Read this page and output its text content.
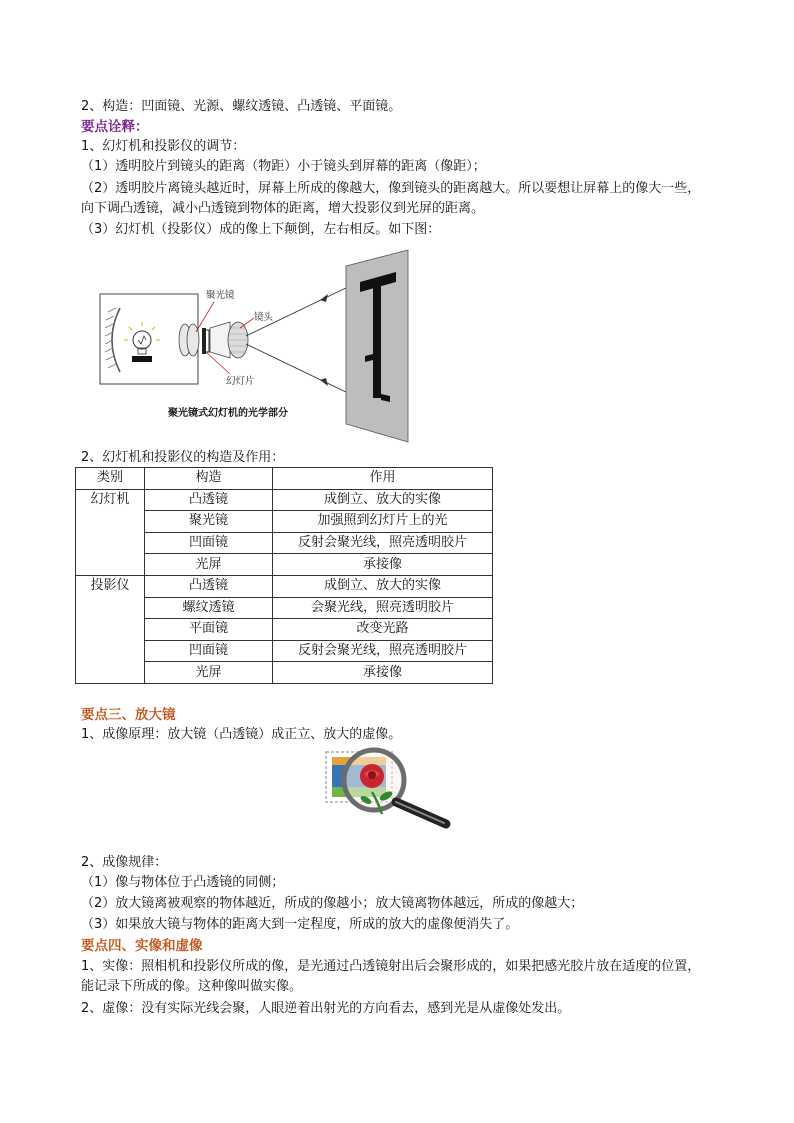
2、构造：凹面镜、光源、螺纹透镜、凸透镜、平面镜。
要点诠释：
1、幻灯机和投影仪的调节：
（1）透明胶片到镜头的距离（物距）小于镜头到屏幕的距离（像距）；
（2）透明胶片离镜头越近时，屏幕上所成的像越大，像到镜头的距离越大。所以要想让屏幕上的像大一些，向下调凸透镜，减小凸透镜到物体的距离，增大投影仪到光屏的距离。
（3）幻灯机（投影仪）成的像上下颠倒，左右相反。如下图：
聚光镜
镜头
幻灯片
聚光镜式幻灯机的光学部分
2、幻灯机和投影仪的构造及作用：
类别	构造	作用
幻灯机	凸透镜	成倒立、放大的实像
	聚光镜	加强照到幻灯片上的光
	凹面镜	反射会聚光线，照亮透明胶片
	光屏	承接像
投影仪	凸透镜	成倒立、放大的实像
	螺纹透镜	会聚光线，照亮透明胶片
	平面镜	改变光路
	凹面镜	反射会聚光线，照亮透明胶片
	光屏	承接像
要点三、放大镜
1、成像原理：放大镜（凸透镜）成正立、放大的虚像。
2、成像规律：
（1）像与物体位于凸透镜的同侧；
（2）放大镜离被观察的物体越近，所成的像越小；放大镜离物体越远，所成的像越大；
（3）如果放大镜与物体的距离大到一定程度，所成的放大的虚像便消失了。
要点四、实像和虚像
1、实像：照相机和投影仪所成的像，是光通过凸透镜射出后会聚形成的，如果把感光胶片放在适度的位置，能记录下所成的像。这种像叫做实像。
2、虚像：没有实际光线会聚，人眼逆着出射光的方向看去，感到光是从虚像处发出。
